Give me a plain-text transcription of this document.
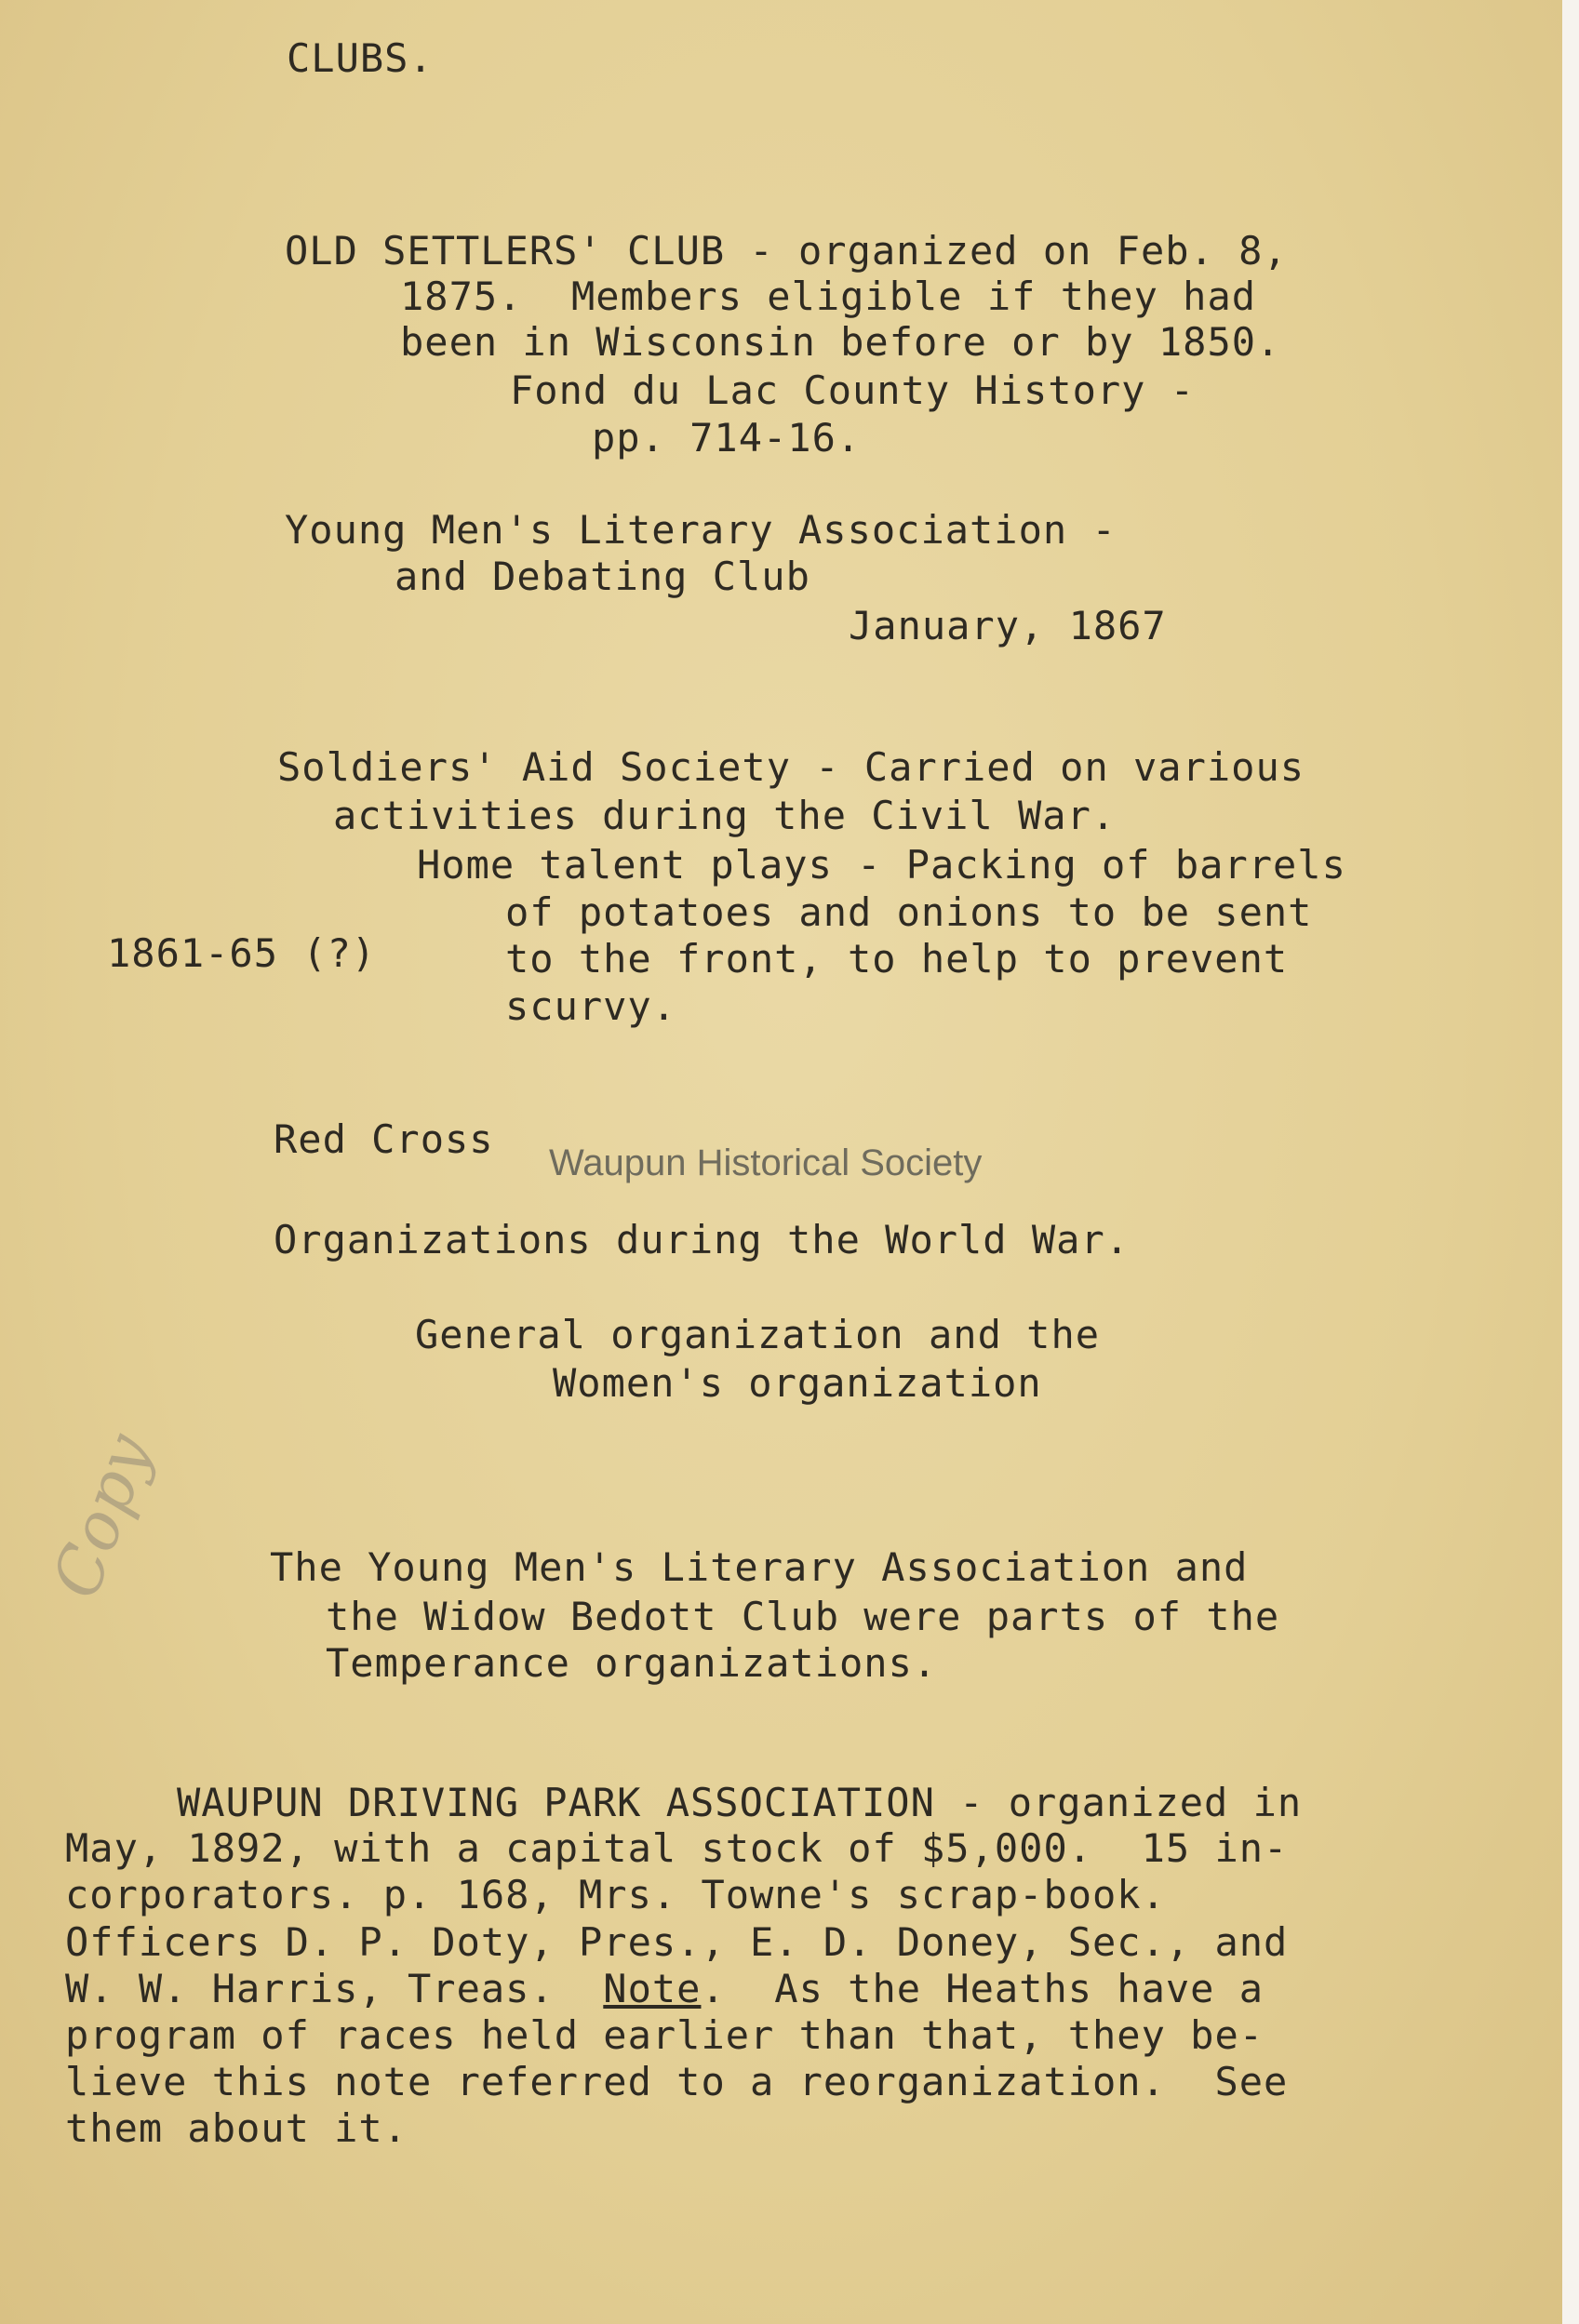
CLUBS.
OLD SETTLERS' CLUB - organized on Feb. 8,
1875.  Members eligible if they had
been in Wisconsin before or by 1850.
Fond du Lac County History -
pp. 714-16.
Young Men's Literary Association -
and Debating Club
January, 1867
Soldiers' Aid Society - Carried on various
activities during the Civil War.
Home talent plays - Packing of barrels
of potatoes and onions to be sent
to the front, to help to prevent
scurvy.
1861-65 (?)
Red Cross
Waupun Historical Society
Organizations during the World War.
General organization and the
Women's organization
The Young Men's Literary Association and
the Widow Bedott Club were parts of the
Temperance organizations.
WAUPUN DRIVING PARK ASSOCIATION - organized in
May, 1892, with a capital stock of $5,000.  15 in-
corporators. p. 168, Mrs. Towne's scrap-book.
Officers D. P. Doty, Pres., E. D. Doney, Sec., and
W. W. Harris, Treas.  Note.  As the Heaths have a
program of races held earlier than that, they be-
lieve this note referred to a reorganization.  See
them about it.
Copy
